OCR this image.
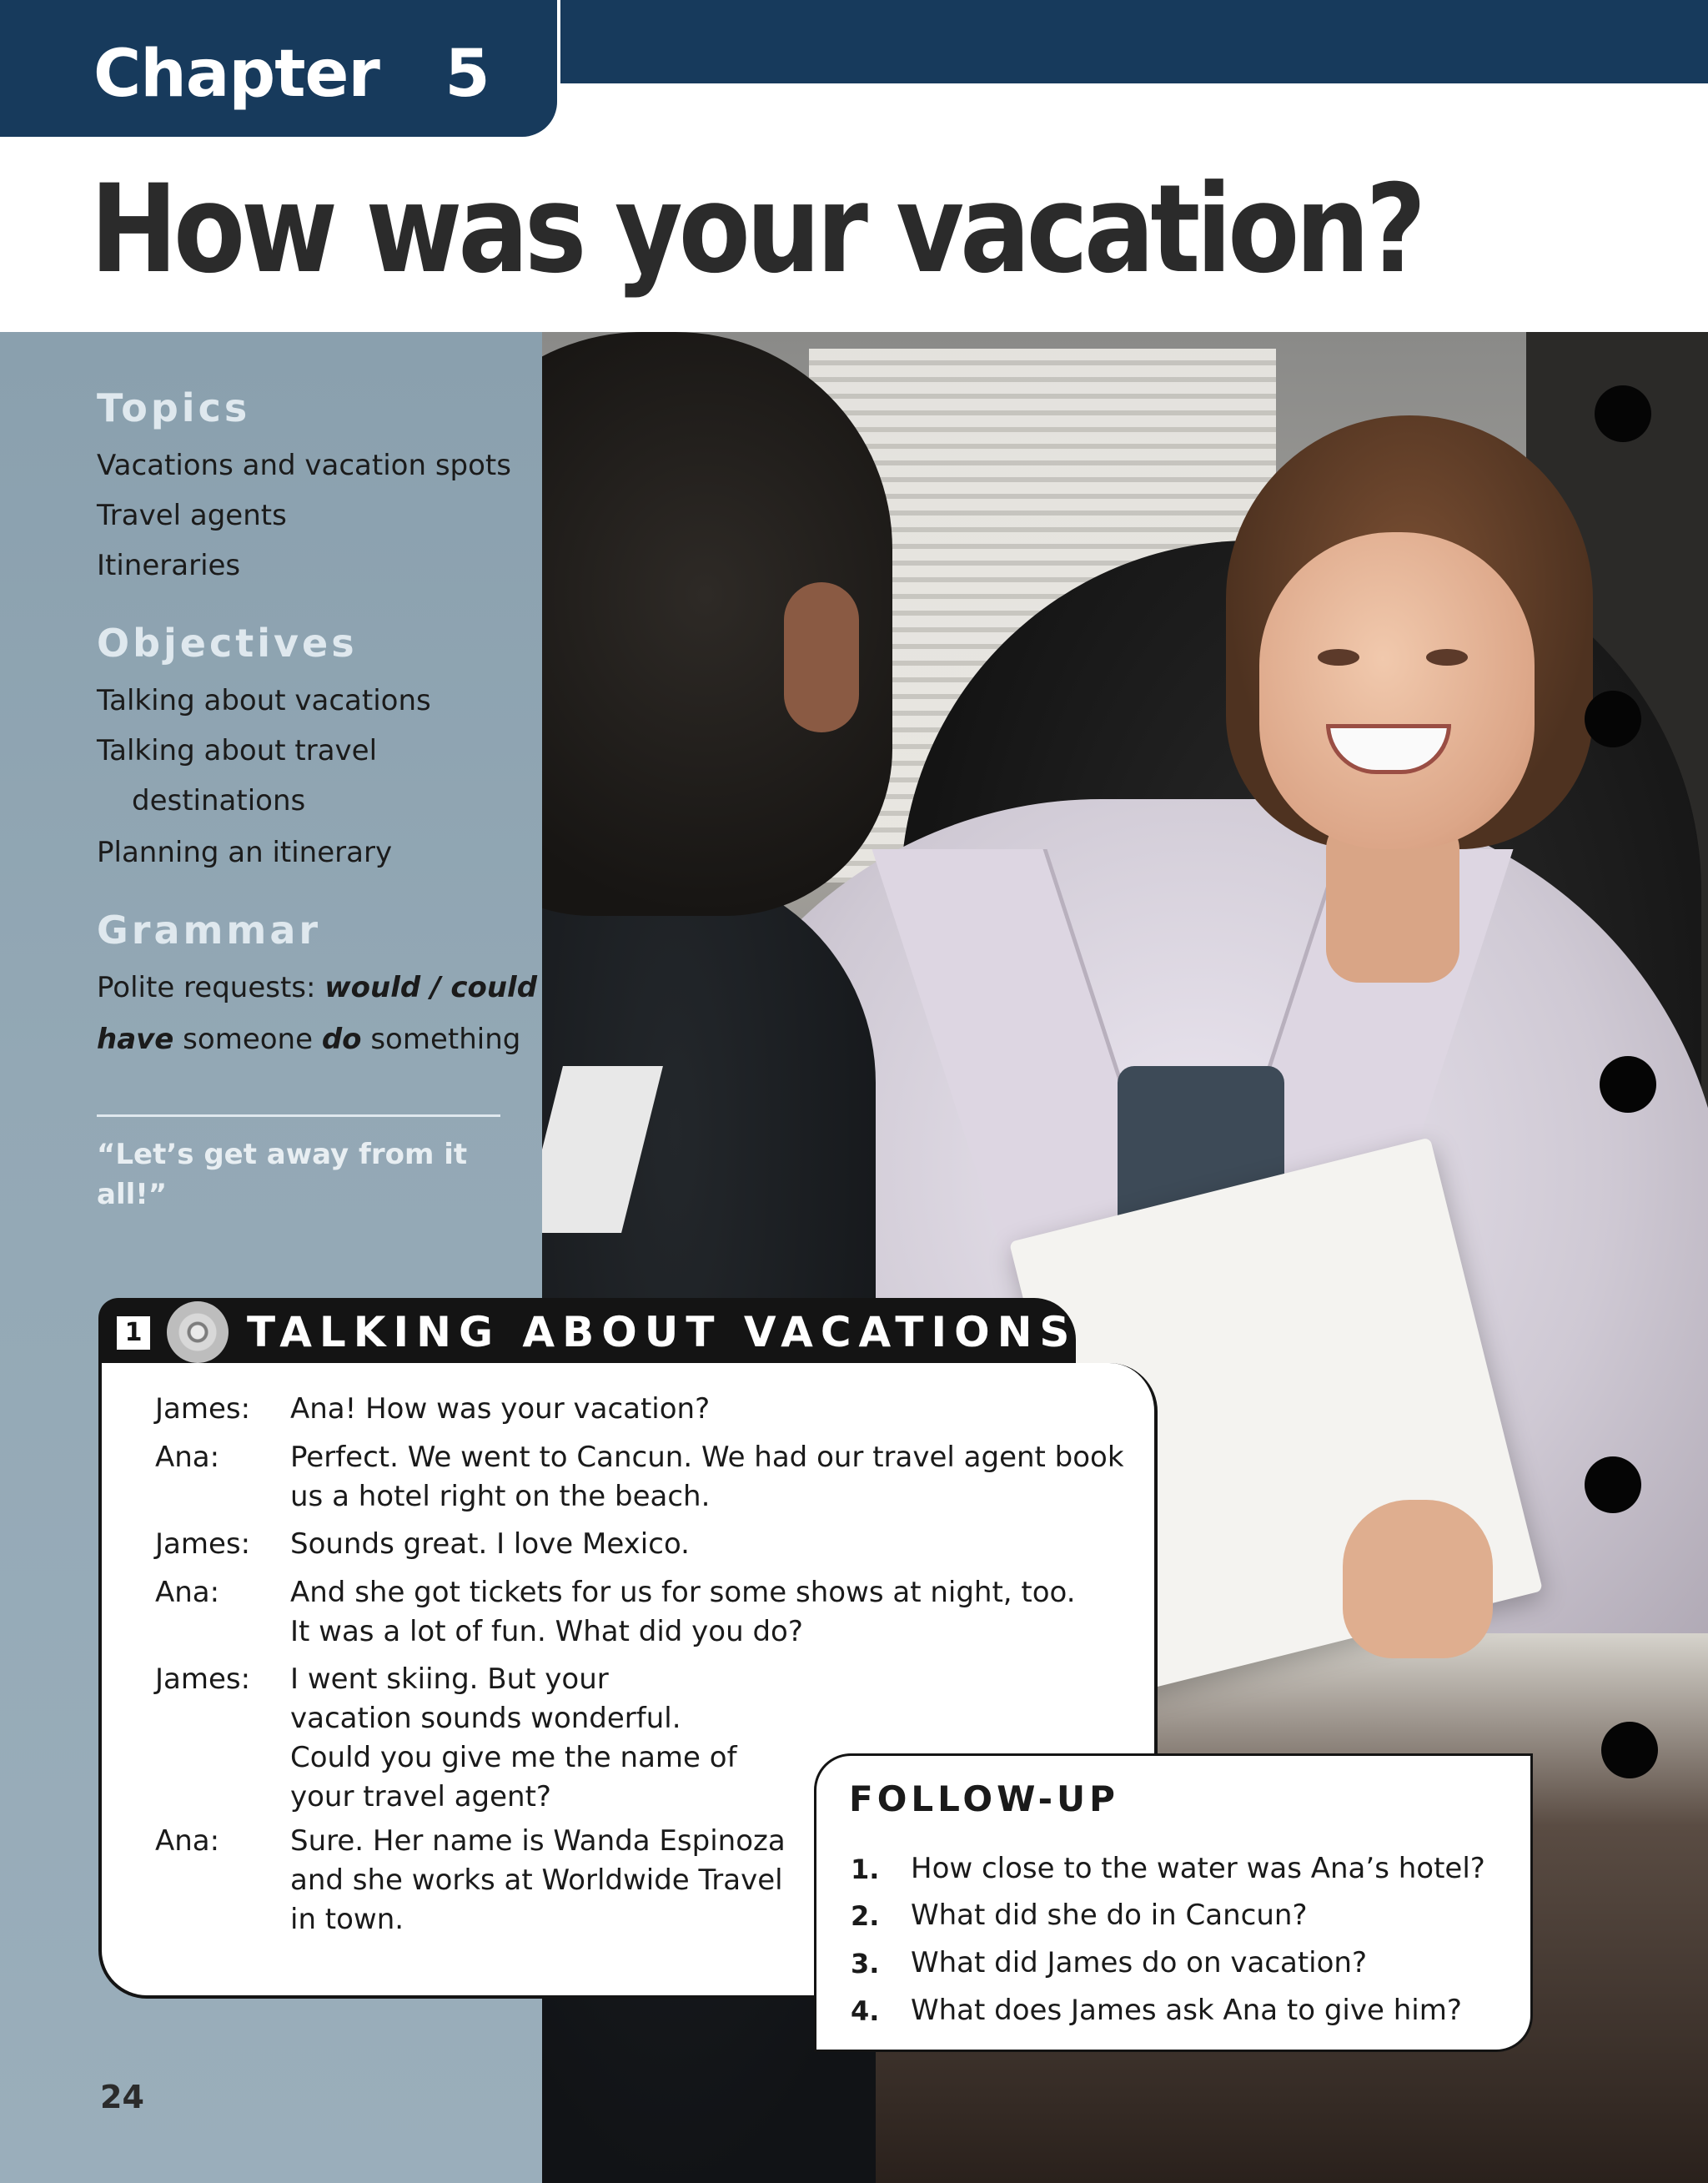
Chapter   5
How was your vacation?
Topics
Vacations and vacation spots
Travel agents
Itineraries
Objectives
Talking about vacations
Talking about travel
destinations
Planning an itinerary
Grammar
Polite requests: would / could
have someone do something
“Let’s get away from it all!”
1	TALKING ABOUT VACATIONS
James: Ana! How was your vacation?
Ana: Perfect. We went to Cancun. We had our travel agent book
us a hotel right on the beach.
James: Sounds great. I love Mexico.
Ana: And she got tickets for us for some shows at night, too.
It was a lot of fun. What did you do?
James: I went skiing. But your
vacation sounds wonderful.
Could you give me the name of
your travel agent?
Ana: Sure. Her name is Wanda Espinoza
and she works at Worldwide Travel
in town.
FOLLOW-UP
1. How close to the water was Ana’s hotel?
2. What did she do in Cancun?
3. What did James do on vacation?
4. What does James ask Ana to give him?
24
